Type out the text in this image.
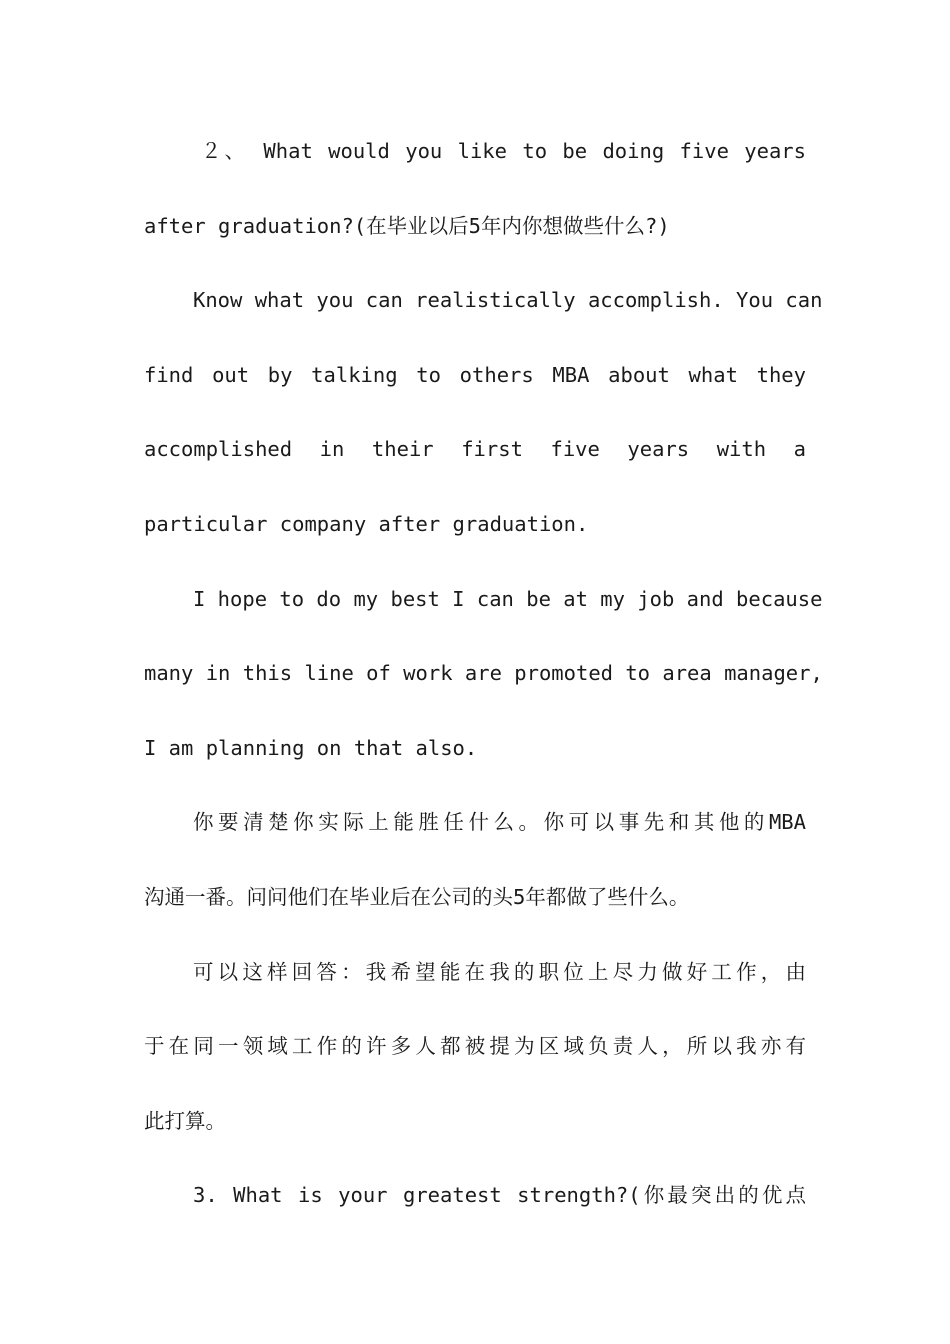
２、 What would you like to be doing five years
after graduation?(在毕业以后5年内你想做些什么?)
Know what you can realistically accomplish. You can
find out by talking to others MBA about what they
accomplished in their first five years with a
particular company after graduation.
I hope to do my best I can be at my job and because
many in this line of work are promoted to area manager,
I am planning on that also.
你要清楚你实际上能胜任什么。你可以事先和其他的MBA
沟通一番。问问他们在毕业后在公司的头5年都做了些什么。
可以这样回答：我希望能在我的职位上尽力做好工作，由
于在同一领域工作的许多人都被提为区域负责人，所以我亦有
此打算。
3. What is your greatest strength?(你最突出的优点
